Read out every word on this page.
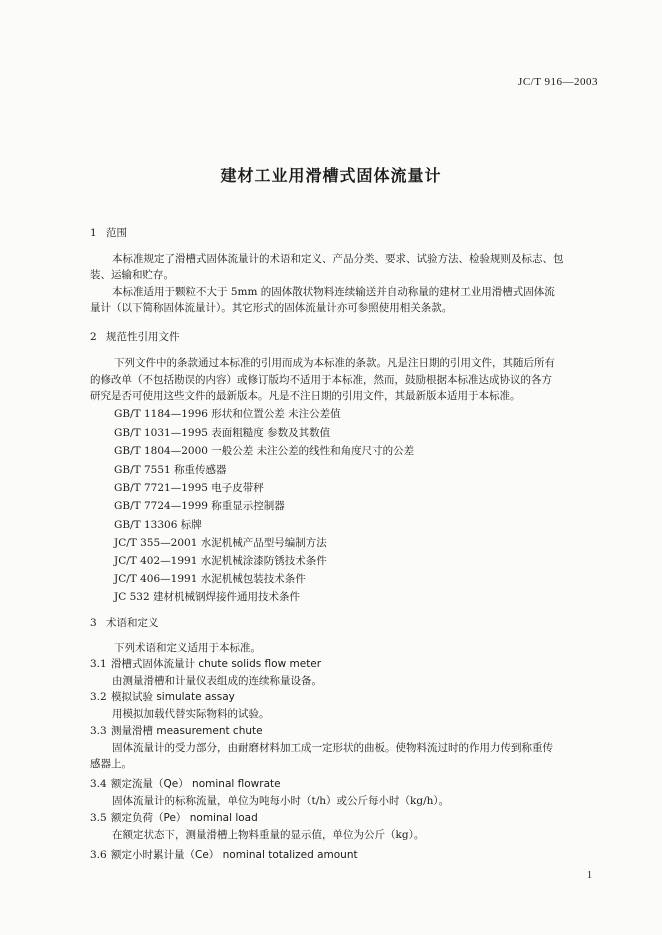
JC/T 916—2003
建材工业用滑槽式固体流量计
1 范围
本标准规定了滑槽式固体流量计的术语和定义、产品分类、要求、试验方法、检验规则及标志、包
装、运输和贮存。
本标准适用于颗粒不大于 5mm 的固体散状物料连续输送并自动称量的建材工业用滑槽式固体流
量计（以下简称固体流量计）。其它形式的固体流量计亦可参照使用相关条款。
2 规范性引用文件
下列文件中的条款通过本标准的引用而成为本标准的条款。凡是注日期的引用文件，其随后所有
的修改单（不包括勘误的内容）或修订版均不适用于本标准，然而，鼓励根据本标准达成协议的各方
研究是否可使用这些文件的最新版本。凡是不注日期的引用文件，其最新版本适用于本标准。
GB/T 1184—1996 形状和位置公差 未注公差值
GB/T 1031—1995 表面粗糙度 参数及其数值
GB/T 1804—2000 一般公差 未注公差的线性和角度尺寸的公差
GB/T 7551 称重传感器
GB/T 7721—1995 电子皮带秤
GB/T 7724—1999 称重显示控制器
GB/T 13306 标牌
JC/T 355—2001 水泥机械产品型号编制方法
JC/T 402—1991 水泥机械涂漆防锈技术条件
JC/T 406—1991 水泥机械包装技术条件
JC 532 建材机械钢焊接件通用技术条件
3 术语和定义
下列术语和定义适用于本标准。
3.1 滑槽式固体流量计 chute solids flow meter
由测量滑槽和计量仪表组成的连续称量设备。
3.2 模拟试验 simulate assay
用模拟加载代替实际物料的试验。
3.3 测量滑槽 measurement chute
固体流量计的受力部分，由耐磨材料加工成一定形状的曲板。使物料流过时的作用力传到称重传
感器上。
3.4 额定流量（Qe） nominal flowrate
固体流量计的标称流量，单位为吨每小时（t/h）或公斤每小时（kg/h）。
3.5 额定负荷（Pe） nominal load
在额定状态下，测量滑槽上物料重量的显示值，单位为公斤（kg）。
3.6 额定小时累计量（Ce） nominal totalized amount
1
